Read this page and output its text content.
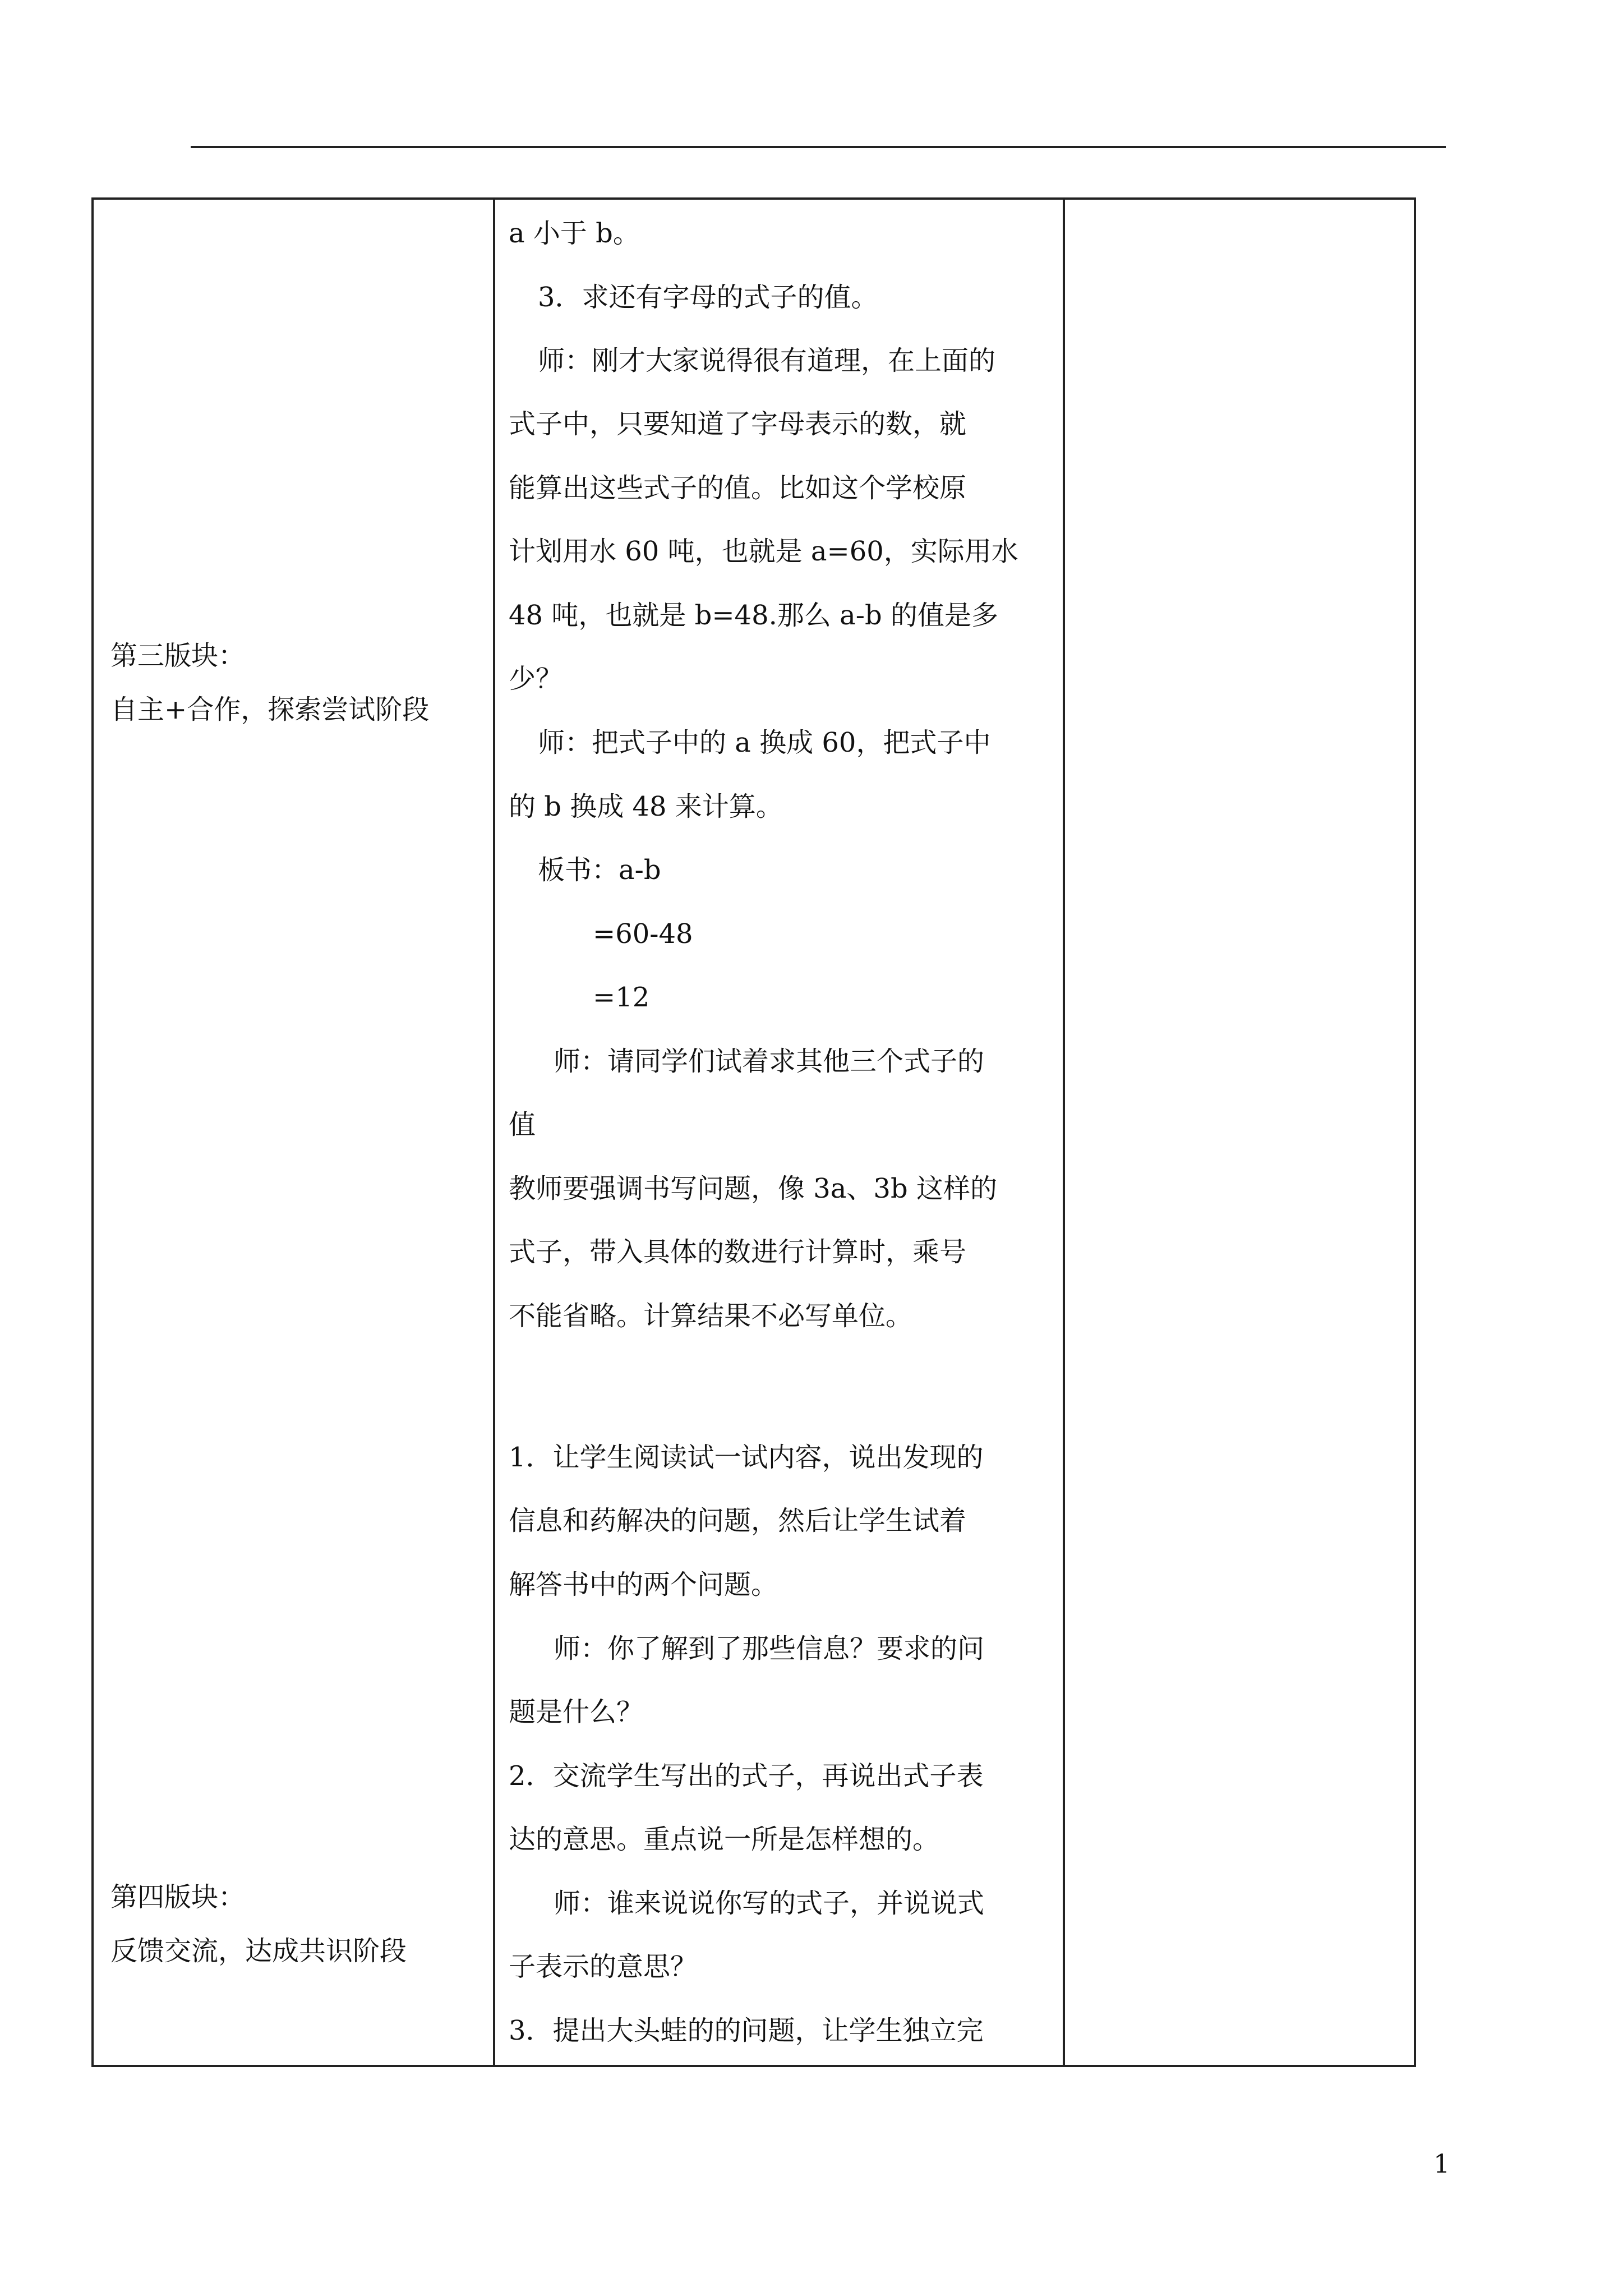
第三版块：
自主+合作，探索尝试阶段
第四版块：
反馈交流，达成共识阶段
a 小于 b。
3．求还有字母的式子的值。
师：刚才大家说得很有道理，在上面的
式子中，只要知道了字母表示的数，就
能算出这些式子的值。比如这个学校原
计划用水 60 吨，也就是 a=60，实际用水
48 吨，也就是 b=48.那么 a-b 的值是多
少？
师：把式子中的 a 换成 60，把式子中
的 b 换成 48 来计算。
板书：a-b
=60-48
=12
师：请同学们试着求其他三个式子的
值
教师要强调书写问题，像 3a、3b 这样的
式子，带入具体的数进行计算时，乘号
不能省略。计算结果不必写单位。
1．让学生阅读试一试内容，说出发现的
信息和药解决的问题，然后让学生试着
解答书中的两个问题。
师：你了解到了那些信息？要求的问
题是什么？
2．交流学生写出的式子，再说出式子表
达的意思。重点说一所是怎样想的。
师：谁来说说你写的式子，并说说式
子表示的意思？
3．提出大头蛙的的问题，让学生独立完
1
